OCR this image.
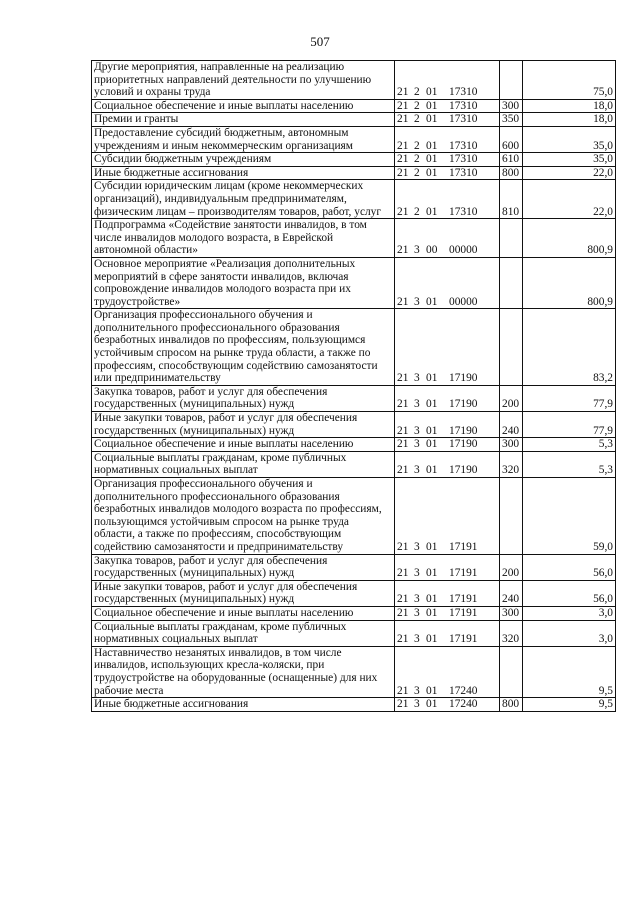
507
Другие мероприятия, направленные на реализацию приоритетных направлений деятельности по улучшению условий и охраны труда	21 2 01 17310		75,0
Социальное обеспечение и иные выплаты населению	21 2 01 17310	300	18,0
Премии и гранты	21 2 01 17310	350	18,0
Предоставление субсидий бюджетным, автономным учреждениям и иным некоммерческим организациям	21 2 01 17310	600	35,0
Субсидии бюджетным учреждениям	21 2 01 17310	610	35,0
Иные бюджетные ассигнования	21 2 01 17310	800	22,0
Субсидии юридическим лицам (кроме некоммерческих организаций), индивидуальным предпринимателям, физическим лицам – производителям товаров, работ, услуг	21 2 01 17310	810	22,0
Подпрограмма «Содействие занятости инвалидов, в том числе инвалидов молодого возраста, в Еврейской автономной области»	21 3 00 00000		800,9
Основное мероприятие «Реализация дополнительных мероприятий в сфере занятости инвалидов, включая сопровождение инвалидов молодого возраста при их трудоустройстве»	21 3 01 00000		800,9
Организация профессионального обучения и дополнительного профессионального образования безработных инвалидов по профессиям, пользующимся устойчивым спросом на рынке труда области, а также по профессиям, способствующим содействию самозанятости или предпринимательству	21 3 01 17190		83,2
Закупка товаров, работ и услуг для обеспечения государственных (муниципальных) нужд	21 3 01 17190	200	77,9
Иные закупки товаров, работ и услуг для обеспечения государственных (муниципальных) нужд	21 3 01 17190	240	77,9
Социальное обеспечение и иные выплаты населению	21 3 01 17190	300	5,3
Социальные выплаты гражданам, кроме публичных нормативных социальных выплат	21 3 01 17190	320	5,3
Организация профессионального обучения и дополнительного профессионального образования безработных инвалидов молодого возраста по профессиям, пользующимся устойчивым спросом на рынке труда области, а также по профессиям, способствующим содействию самозанятости и предпринимательству	21 3 01 17191		59,0
Закупка товаров, работ и услуг для обеспечения государственных (муниципальных) нужд	21 3 01 17191	200	56,0
Иные закупки товаров, работ и услуг для обеспечения государственных (муниципальных) нужд	21 3 01 17191	240	56,0
Социальное обеспечение и иные выплаты населению	21 3 01 17191	300	3,0
Социальные выплаты гражданам, кроме публичных нормативных социальных выплат	21 3 01 17191	320	3,0
Наставничество незанятых инвалидов, в том числе инвалидов, использующих кресла-коляски, при трудоустройстве на оборудованные (оснащенные) для них рабочие места	21 3 01 17240		9,5
Иные бюджетные ассигнования	21 3 01 17240	800	9,5
